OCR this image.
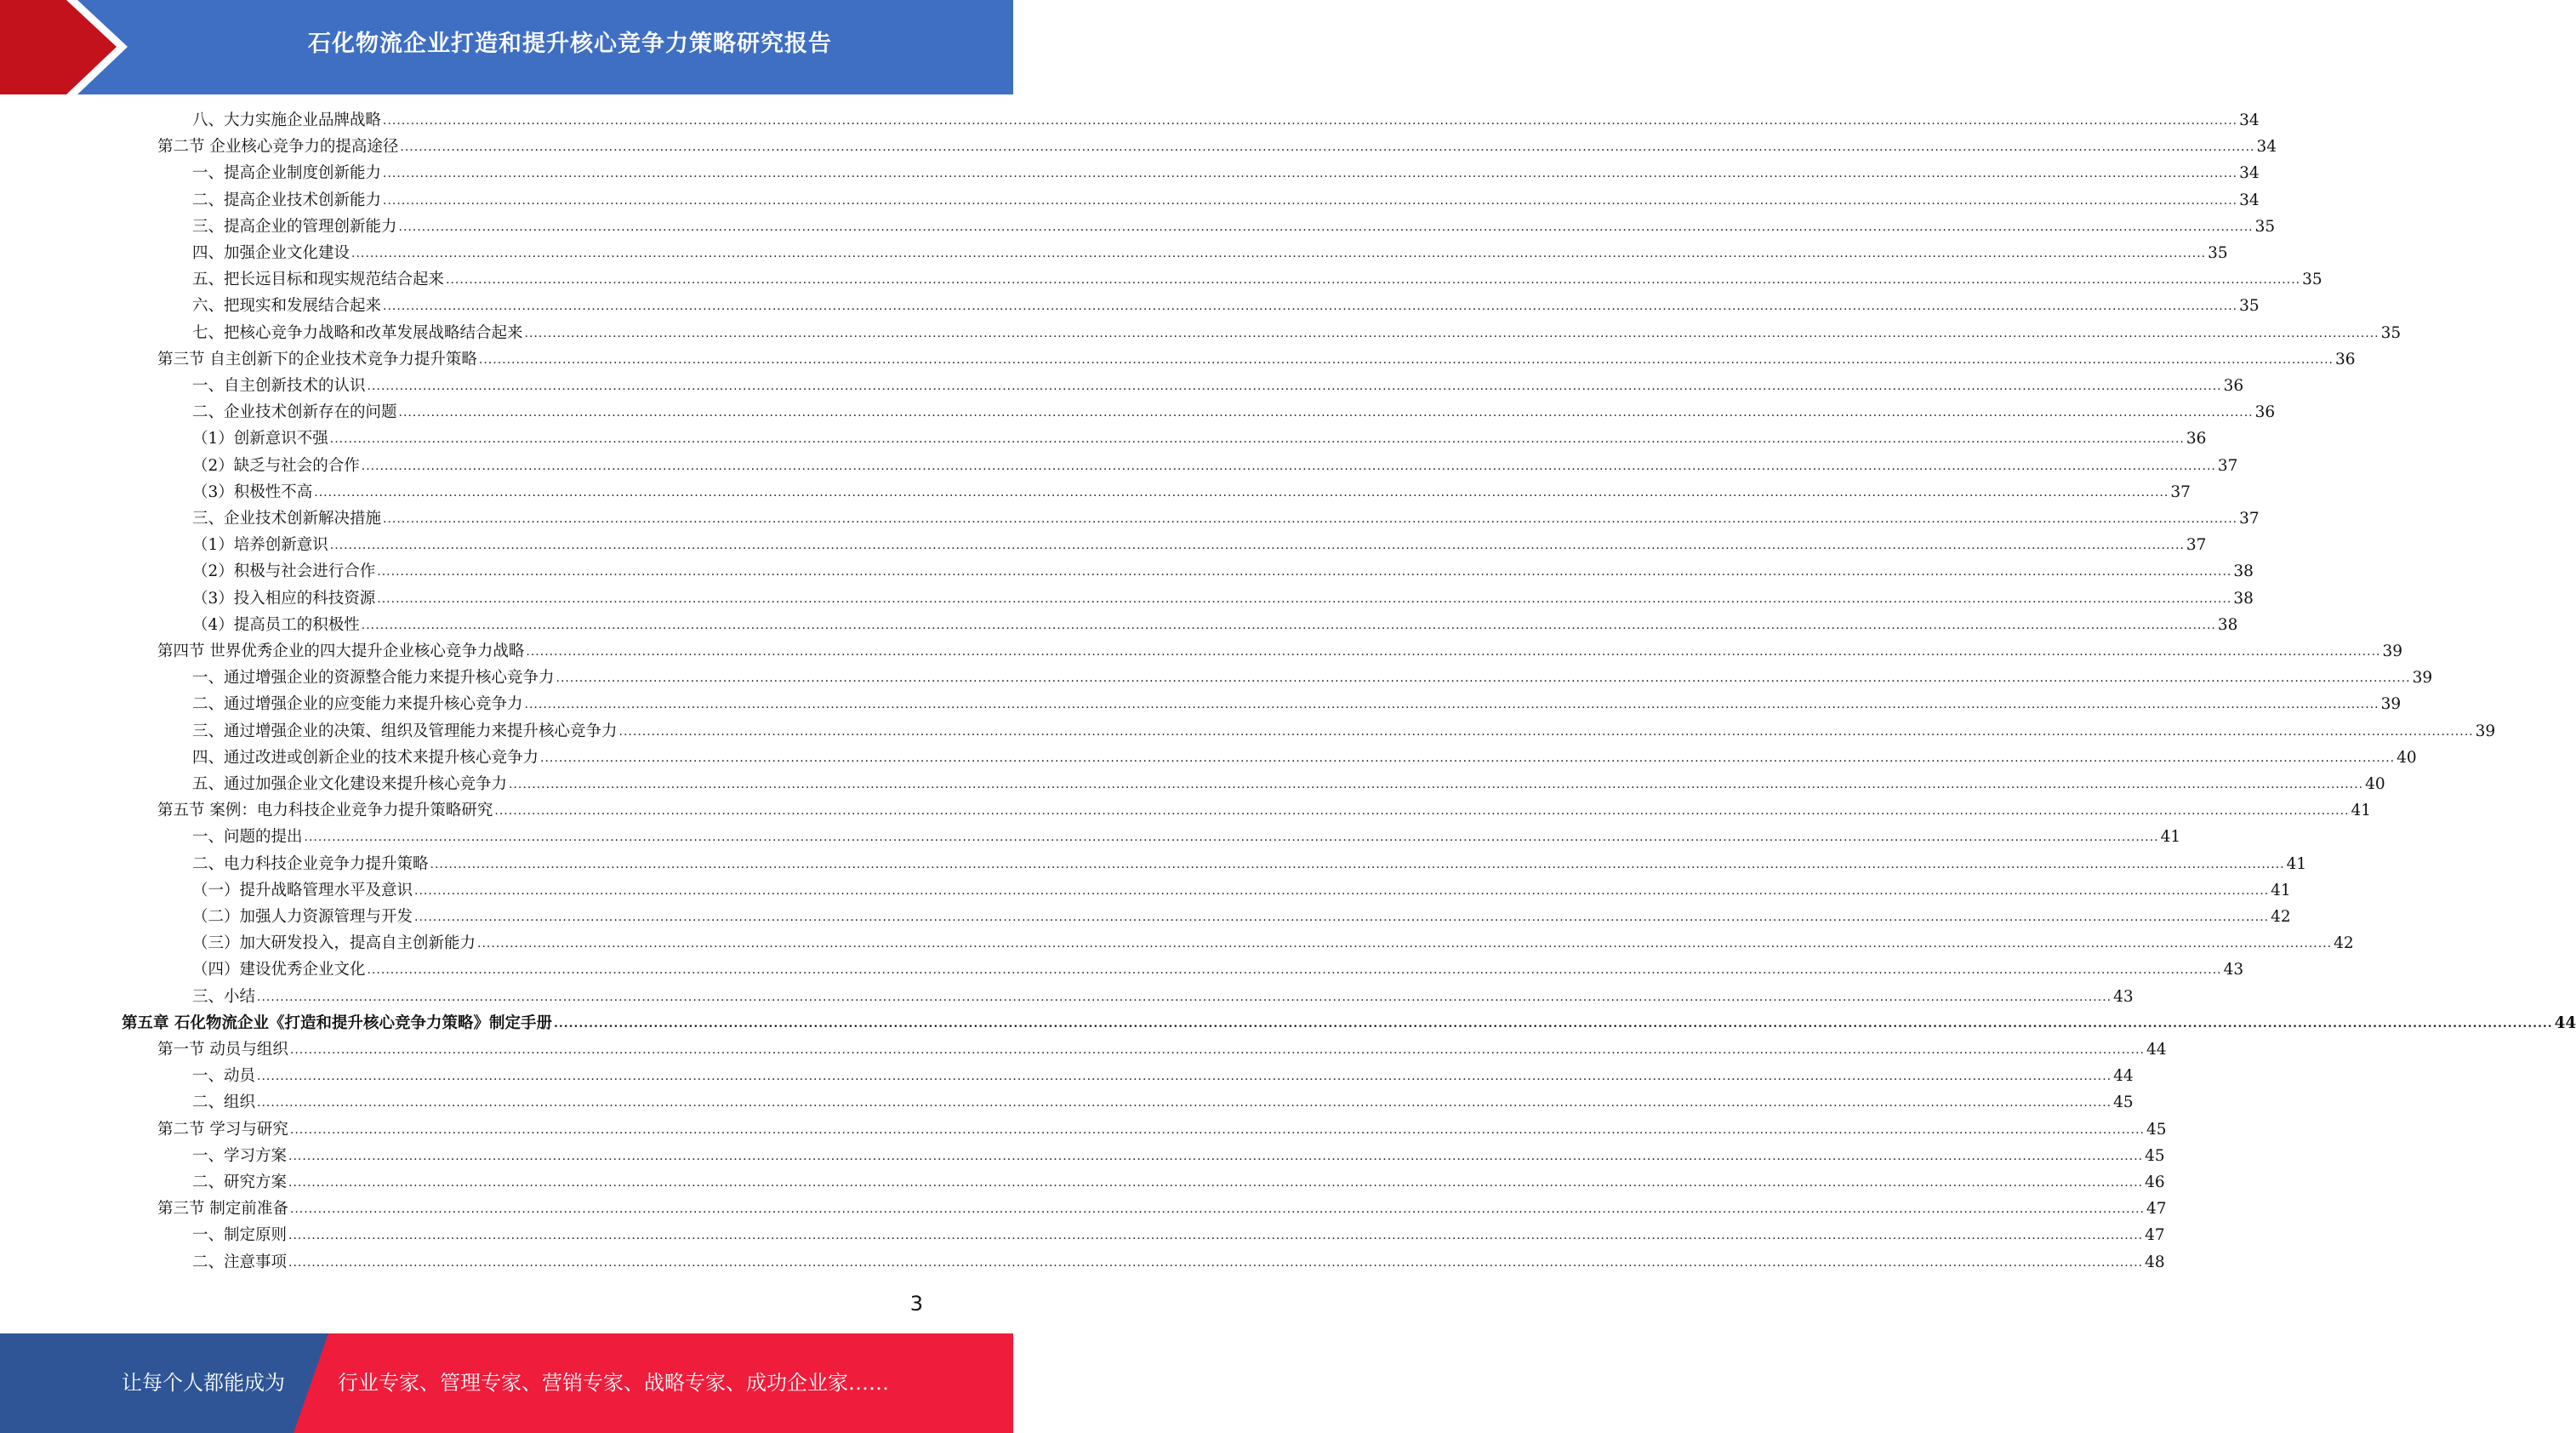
石化物流企业打造和提升核心竞争力策略研究报告
八、大力实施企业品牌战略 ................................................................................................................................................................................................................................................................................................................................................................................................................ 34
第二节 企业核心竞争力的提高途径 ................................................................................................................................................................................................................................................................................................................................................................................................................ 34
一、提高企业制度创新能力 ................................................................................................................................................................................................................................................................................................................................................................................................................ 34
二、提高企业技术创新能力 ................................................................................................................................................................................................................................................................................................................................................................................................................ 34
三、提高企业的管理创新能力 ................................................................................................................................................................................................................................................................................................................................................................................................................ 35
四、加强企业文化建设 ................................................................................................................................................................................................................................................................................................................................................................................................................ 35
五、把长远目标和现实规范结合起来 ................................................................................................................................................................................................................................................................................................................................................................................................................ 35
六、把现实和发展结合起来 ................................................................................................................................................................................................................................................................................................................................................................................................................ 35
七、把核心竞争力战略和改革发展战略结合起来 ................................................................................................................................................................................................................................................................................................................................................................................................................ 35
第三节 自主创新下的企业技术竞争力提升策略 ................................................................................................................................................................................................................................................................................................................................................................................................................ 36
一、自主创新技术的认识 ................................................................................................................................................................................................................................................................................................................................................................................................................ 36
二、企业技术创新存在的问题 ................................................................................................................................................................................................................................................................................................................................................................................................................ 36
（1）创新意识不强 ................................................................................................................................................................................................................................................................................................................................................................................................................ 36
（2）缺乏与社会的合作 ................................................................................................................................................................................................................................................................................................................................................................................................................ 37
（3）积极性不高 ................................................................................................................................................................................................................................................................................................................................................................................................................ 37
三、企业技术创新解决措施 ................................................................................................................................................................................................................................................................................................................................................................................................................ 37
（1）培养创新意识 ................................................................................................................................................................................................................................................................................................................................................................................................................ 37
（2）积极与社会进行合作 ................................................................................................................................................................................................................................................................................................................................................................................................................ 38
（3）投入相应的科技资源 ................................................................................................................................................................................................................................................................................................................................................................................................................ 38
（4）提高员工的积极性 ................................................................................................................................................................................................................................................................................................................................................................................................................ 38
第四节 世界优秀企业的四大提升企业核心竞争力战略 ................................................................................................................................................................................................................................................................................................................................................................................................................ 39
一、通过增强企业的资源整合能力来提升核心竞争力 ................................................................................................................................................................................................................................................................................................................................................................................................................ 39
二、通过增强企业的应变能力来提升核心竞争力 ................................................................................................................................................................................................................................................................................................................................................................................................................ 39
三、通过增强企业的决策、组织及管理能力来提升核心竞争力 ................................................................................................................................................................................................................................................................................................................................................................................................................ 39
四、通过改进或创新企业的技术来提升核心竞争力 ................................................................................................................................................................................................................................................................................................................................................................................................................ 40
五、通过加强企业文化建设来提升核心竞争力 ................................................................................................................................................................................................................................................................................................................................................................................................................ 40
第五节 案例：电力科技企业竞争力提升策略研究 ................................................................................................................................................................................................................................................................................................................................................................................................................ 41
一、问题的提出 ................................................................................................................................................................................................................................................................................................................................................................................................................ 41
二、电力科技企业竞争力提升策略 ................................................................................................................................................................................................................................................................................................................................................................................................................ 41
（一）提升战略管理水平及意识 ................................................................................................................................................................................................................................................................................................................................................................................................................ 41
（二）加强人力资源管理与开发 ................................................................................................................................................................................................................................................................................................................................................................................................................ 42
（三）加大研发投入，提高自主创新能力 ................................................................................................................................................................................................................................................................................................................................................................................................................ 42
（四）建设优秀企业文化 ................................................................................................................................................................................................................................................................................................................................................................................................................ 43
三、小结 ................................................................................................................................................................................................................................................................................................................................................................................................................ 43
第五章 石化物流企业《打造和提升核心竞争力策略》制定手册 ................................................................................................................................................................................................................................................................................................................................................................................................................ 44
第一节 动员与组织 ................................................................................................................................................................................................................................................................................................................................................................................................................ 44
一、动员 ................................................................................................................................................................................................................................................................................................................................................................................................................ 44
二、组织 ................................................................................................................................................................................................................................................................................................................................................................................................................ 45
第二节 学习与研究 ................................................................................................................................................................................................................................................................................................................................................................................................................ 45
一、学习方案 ................................................................................................................................................................................................................................................................................................................................................................................................................ 45
二、研究方案 ................................................................................................................................................................................................................................................................................................................................................................................................................ 46
第三节 制定前准备 ................................................................................................................................................................................................................................................................................................................................................................................................................ 47
一、制定原则 ................................................................................................................................................................................................................................................................................................................................................................................................................ 47
二、注意事项 ................................................................................................................................................................................................................................................................................................................................................................................................................ 48
3
让每个人都能成为	行业专家、管理专家、营销专家、战略专家、成功企业家……
